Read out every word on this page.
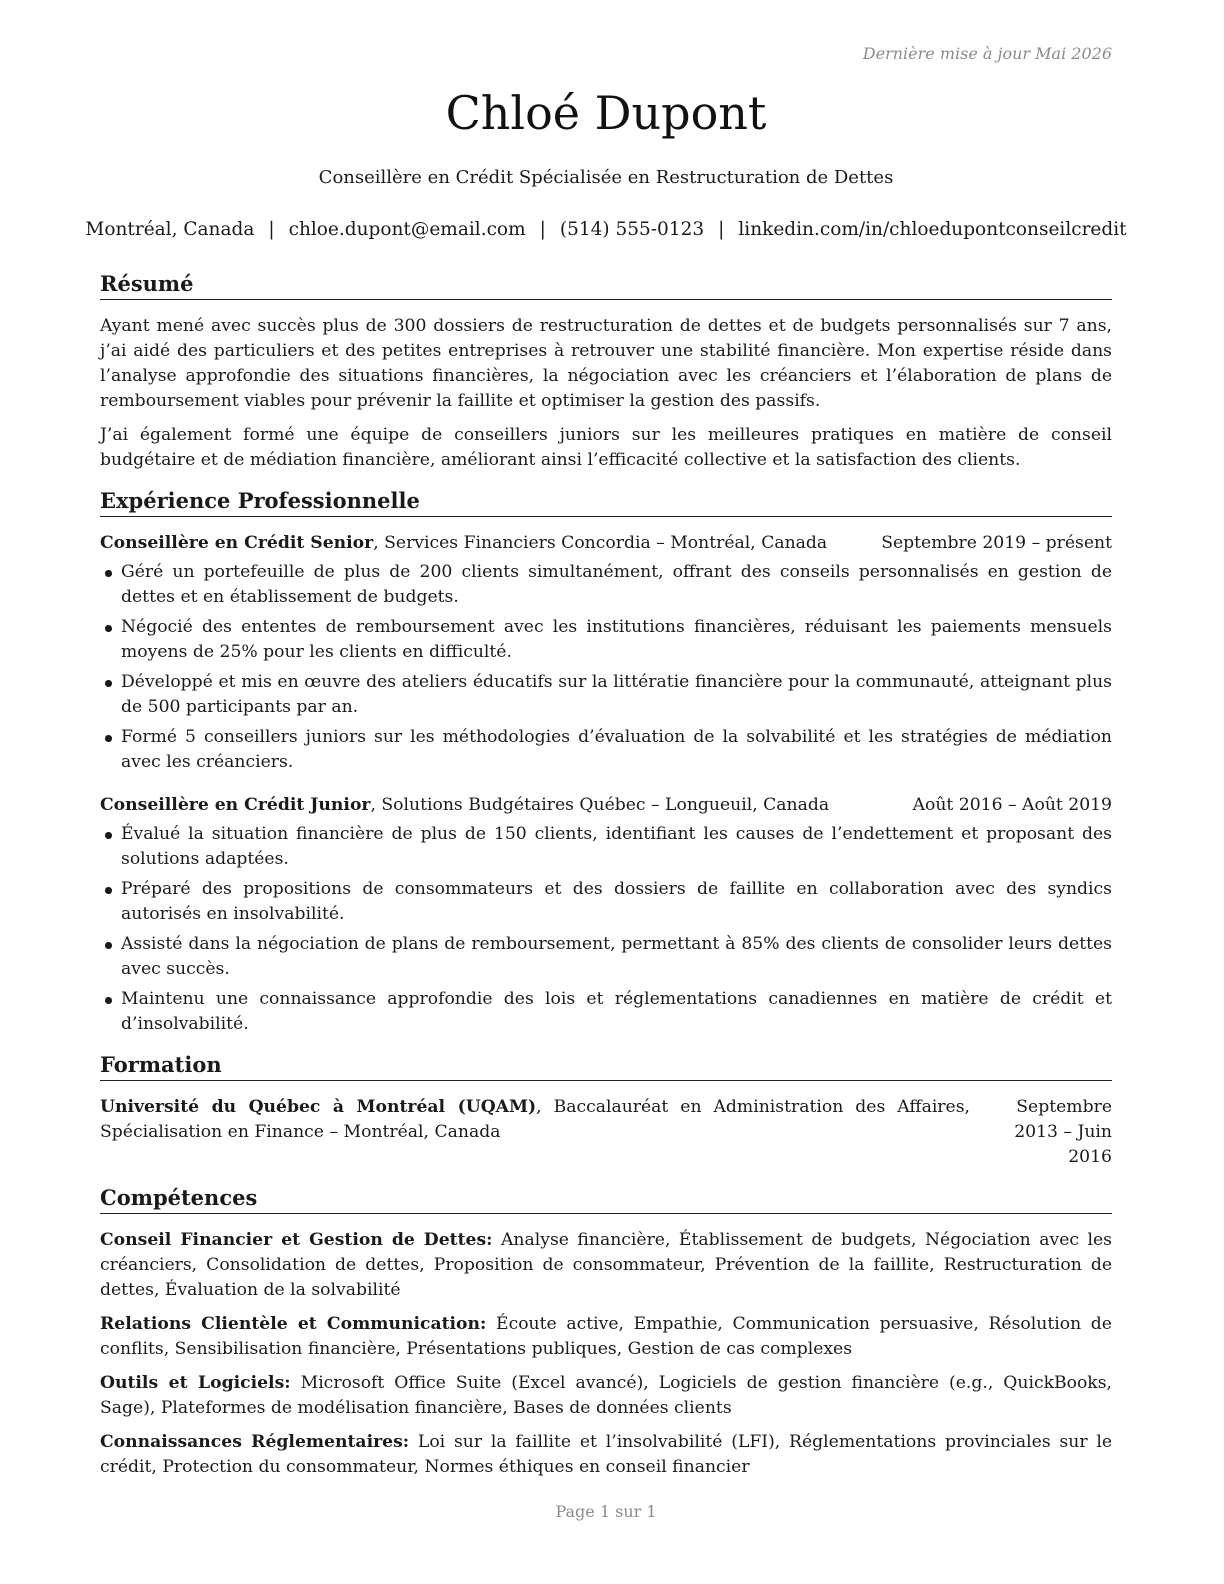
Dernière mise à jour Mai 2026
Chloé Dupont
Conseillère en Crédit Spécialisée en Restructuration de Dettes
Montréal, Canada | chloe.dupont@email.com | (514) 555-0123 | linkedin.com/in/chloedupontconseilcredit
Résumé

Ayant mené avec succès plus de 300 dossiers de restructuration de dettes et de budgets personnalisés sur 7 ans, j’ai aidé des particuliers et des petites entreprises à retrouver une stabilité financière. Mon expertise réside dans l’analyse approfondie des situations financières, la négociation avec les créanciers et l’élaboration de plans de remboursement viables pour prévenir la faillite et optimiser la gestion des passifs.

J’ai également formé une équipe de conseillers juniors sur les meilleures pratiques en matière de conseil budgétaire et de médiation financière, améliorant ainsi l’efficacité collective et la satisfaction des clients.

Expérience Professionnelle
Conseillère en Crédit Senior, Services Financiers Concordia – Montréal, Canada	Septembre 2019 – présent
Géré un portefeuille de plus de 200 clients simultanément, offrant des conseils personnalisés en gestion de dettes et en établissement de budgets.
Négocié des ententes de remboursement avec les institutions financières, réduisant les paiements mensuels moyens de 25% pour les clients en difficulté.
Développé et mis en œuvre des ateliers éducatifs sur la littératie financière pour la communauté, atteignant plus de 500 participants par an.
Formé 5 conseillers juniors sur les méthodologies d’évaluation de la solvabilité et les stratégies de médiation avec les créanciers.
Conseillère en Crédit Junior, Solutions Budgétaires Québec – Longueuil, Canada	Août 2016 – Août 2019
Évalué la situation financière de plus de 150 clients, identifiant les causes de l’endettement et proposant des solutions adaptées.
Préparé des propositions de consommateurs et des dossiers de faillite en collaboration avec des syndics autorisés en insolvabilité.
Assisté dans la négociation de plans de remboursement, permettant à 85% des clients de consolider leurs dettes avec succès.
Maintenu une connaissance approfondie des lois et réglementations canadiennes en matière de crédit et d’insolvabilité.
Formation
Université du Québec à Montréal (UQAM), Baccalauréat en Administration des Affaires, Spécialisation en Finance – Montréal, Canada
Septembre 2013 – Juin 2016
Compétences

Conseil Financier et Gestion de Dettes: Analyse financière, Établissement de budgets, Négociation avec les créanciers, Consolidation de dettes, Proposition de consommateur, Prévention de la faillite, Restructuration de dettes, Évaluation de la solvabilité

Relations Clientèle et Communication: Écoute active, Empathie, Communication persuasive, Résolution de conflits, Sensibilisation financière, Présentations publiques, Gestion de cas complexes

Outils et Logiciels: Microsoft Office Suite (Excel avancé), Logiciels de gestion financière (e.g., QuickBooks, Sage), Plateformes de modélisation financière, Bases de données clients

Connaissances Réglementaires: Loi sur la faillite et l’insolvabilité (LFI), Réglementations provinciales sur le crédit, Protection du consommateur, Normes éthiques en conseil financier

Page 1 sur 1
